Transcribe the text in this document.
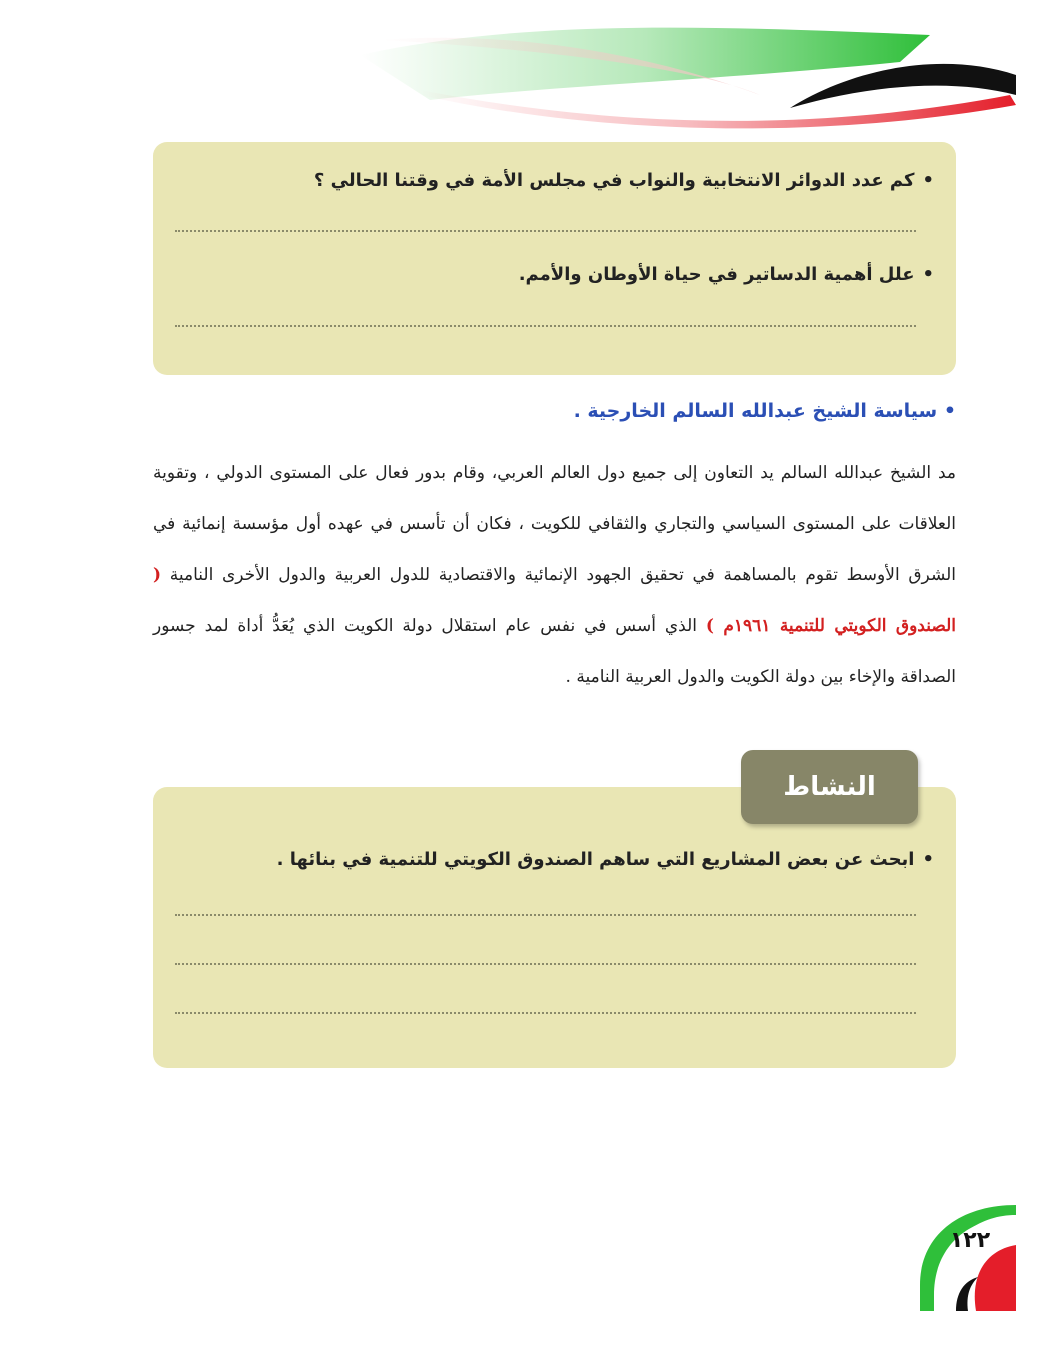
•كم عدد الدوائر الانتخابية والنواب في مجلس الأمة في وقتنا الحالي ؟
•علل أهمية الدساتير في حياة الأوطان والأمم.
• سياسة الشيخ عبدالله السالم الخارجية .
مد الشيخ عبدالله السالم يد التعاون إلى جميع دول العالم العربي، وقام بدور فعال على المستوى الدولي ، وتقوية العلاقات على المستوى السياسي والتجاري والثقافي للكويت ، فكان أن تأسس في عهده أول مؤسسة إنمائية في الشرق الأوسط تقوم بالمساهمة في تحقيق الجهود الإنمائية والاقتصادية للدول العربية والدول الأخرى النامية ( الصندوق الكويتي للتنمية ١٩٦١م ) الذي أسس في نفس عام استقلال دولة الكويت الذي يُعَدُّ أداة لمد جسور الصداقة والإخاء بين دولة الكويت والدول العربية النامية .
النشاط
•ابحث عن بعض المشاريع التي ساهم الصندوق الكويتي للتنمية في بنائها .
١٢٢
